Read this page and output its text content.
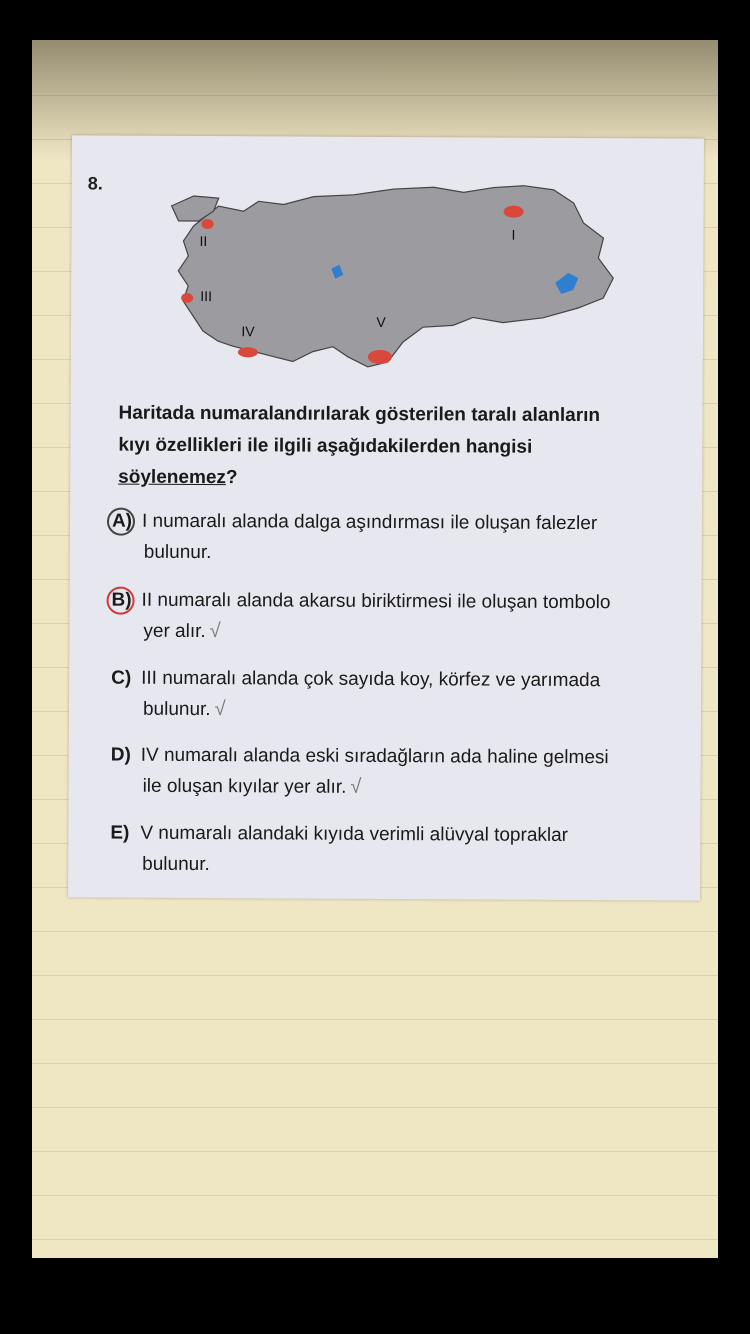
8.
I
II
III
IV
V
Haritada numaralandırılarak gösterilen taralı alanların
kıyı özellikleri ile ilgili aşağıdakilerden hangisi
söylenemez?
A) I numaralı alanda dalga aşındırması ile oluşan falezler
bulunur.
B) II numaralı alanda akarsu biriktirmesi ile oluşan tombolo
yer alır. √
C) III numaralı alanda çok sayıda koy, körfez ve yarımada
bulunur. √
D) IV numaralı alanda eski sıradağların ada haline gelmesi
ile oluşan kıyılar yer alır. √
E) V numaralı alandaki kıyıda verimli alüvyal topraklar
bulunur.
